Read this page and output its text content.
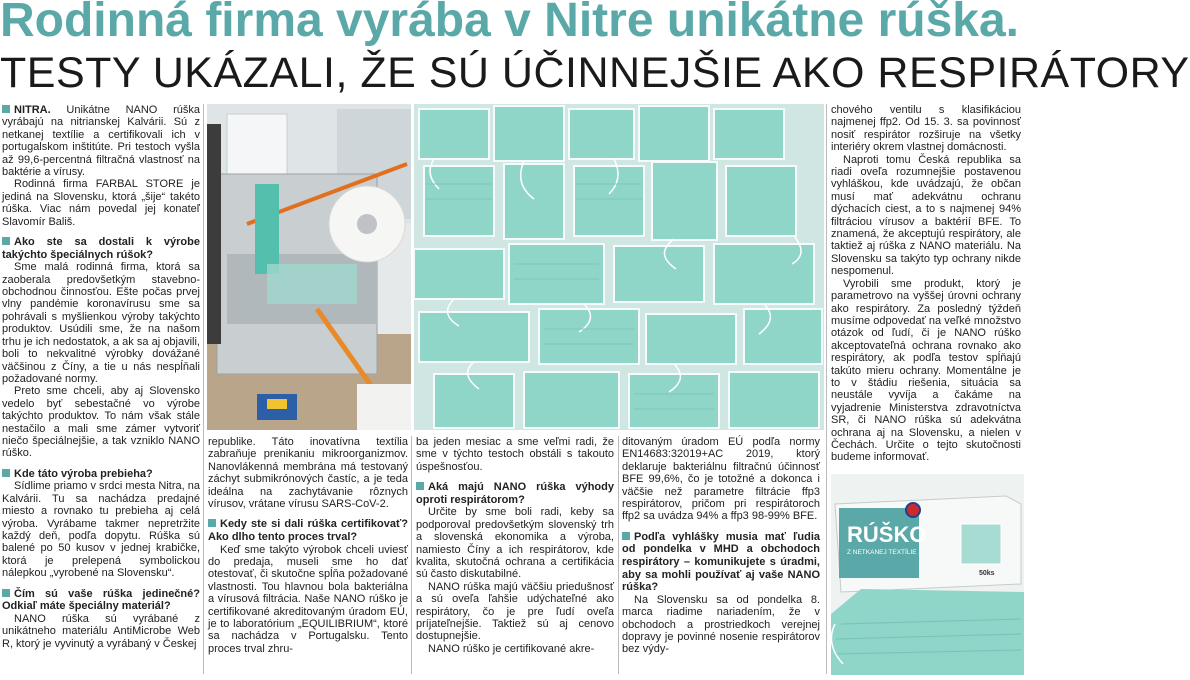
Rodinná firma vyrába v Nitre unikátne rúška.
TESTY UKÁZALI, ŽE SÚ ÚČINNEJŠIE AKO RESPIRÁTORY

NITRA. Unikátne NANO rúška vyrábajú na nitrianskej Kalvárii. Sú z netkanej textílie a certifikovali ich v portugalskom inštitúte. Pri testoch vyšla až 99,6-percentná filtračná vlastnosť na baktérie a vírusy.

Rodinná firma FARBAL STORE je jediná na Slovensku, ktorá „šije“ takéto rúška. Viac nám povedal jej konateľ Slavomír Bališ.

Ako ste sa dostali k výrobe takýchto špeciálnych rúšok?

Sme malá rodinná firma, ktorá sa zaoberala predovšetkým stavebno-obchodnou činnosťou. Ešte počas prvej vlny pandémie koronavírusu sme sa pohrávali s myšlienkou výroby takýchto produktov. Usúdili sme, že na našom trhu je ich nedostatok, a ak sa aj objavili, boli to nekvalitné výrobky dovážané väčšinou z Číny, a tie u nás nespĺňali požadované normy.

Preto sme chceli, aby aj Slovensko vedelo byť sebestačné vo výrobe takýchto produktov. To nám však stále nestačilo a mali sme zámer vytvoriť niečo špeciálnejšie, a tak vzniklo NANO rúško.

Kde táto výroba prebieha?

Sídlime priamo v srdci mesta Nitra, na Kalvárii. Tu sa nachádza predajné miesto a rovnako tu prebieha aj celá výroba. Vyrábame takmer nepretržite každý deň, podľa dopytu. Rúška sú balené po 50 kusov v jednej krabičke, ktorá je prelepená symbolickou nálepkou „vyrobené na Slovensku“.

Čím sú vaše rúška jedinečné? Odkiaľ máte špeciálny materiál?

NANO rúška sú vyrábané z unikátneho materiálu AntiMicrobe Web R, ktorý je vyvinutý a vyrábaný v Českej

republike. Táto inovatívna textília zabraňuje prenikaniu mikroorganizmov. Nanovlákenná membrána má testovaný záchyt submikrónových častíc, a je teda ideálna na zachytávanie rôznych vírusov, vrátane vírusu SARS-CoV-2.

Kedy ste si dali rúška certifikovať? Ako dlho tento proces trval?

Keď sme takýto výrobok chceli uviesť do predaja, museli sme ho dať otestovať, či skutočne spĺňa požadované vlastnosti. Tou hlavnou bola bakteriálna a vírusová filtrácia. Naše NANO rúško je certifikované akreditovaným úradom EÚ, je to laboratórium „EQUILIBRIUM“, ktoré sa nachádza v Portugalsku. Tento proces trval zhru-

ba jeden mesiac a sme veľmi radi, že sme v týchto testoch obstáli s takouto úspešnosťou.

Aká majú NANO rúška výhody oproti respirátorom?

Určite by sme boli radi, keby sa podporoval predovšetkým slovenský trh a slovenská ekonomika a výroba, namiesto Číny a ich respirátorov, kde kvalita, skutočná ochrana a certifikácia sú často diskutabilné.

NANO rúška majú väčšiu priedušnosť a sú oveľa ľahšie udýchateľné ako respirátory, čo je pre ľudí oveľa príjateľnejšie. Taktiež sú aj cenovo dostupnejšie.

NANO rúško je certifikované akre-

ditovaným úradom EÚ podľa normy EN14683:32019+AC 2019, ktorý deklaruje bakteriálnu filtračnú účinnosť BFE 99,6%, čo je totožné a dokonca i väčšie než parametre filtrácie ffp3 respirátorov, pričom pri respirátoroch ffp2 sa uvádza 94% a ffp3 98-99% BFE.

Podľa vyhlášky musia mať ľudia od pondelka v MHD a obchodoch respirátory – komunikujete s úradmi, aby sa mohli používať aj vaše NANO rúška?

Na Slovensku sa od pondelka 8. marca riadime nariadením, že v obchodoch a prostriedkoch verejnej dopravy je povinné nosenie respirátorov bez výdy-

chového ventilu s klasifikáciou najmenej ffp2. Od 15. 3. sa povinnosť nosiť respirátor rozširuje na všetky interiéry okrem vlastnej domácnosti.

Naproti tomu Česká republika sa riadi oveľa rozumnejšie postavenou vyhláškou, kde uvádzajú, že občan musí mať adekvátnu ochranu dýchacích ciest, a to s najmenej 94% filtráciou vírusov a baktérií BFE. To znamená, že akceptujú respirátory, ale taktiež aj rúška z NANO materiálu. Na Slovensku sa takýto typ ochrany nikde nespomenul.

Vyrobili sme produkt, ktorý je parametrovo na vyššej úrovni ochrany ako respirátory. Za posledný týždeň musíme odpovedať na veľké množstvo otázok od ľudí, či je NANO rúško akceptovateľná ochrana rovnako ako respirátory, ak podľa testov spĺňajú takúto mieru ochrany. Momentálne je to v štádiu riešenia, situácia sa neustále vyvíja a čakáme na vyjadrenie Ministerstva zdravotníctva SR, či NANO rúška sú adekvátna ochrana aj na Slovensku, a nielen v Čechách. Určite o tejto skutočnosti budeme informovať.

RÚŠKO
Z NETKANEJ TEXTÍLIE
50ks
